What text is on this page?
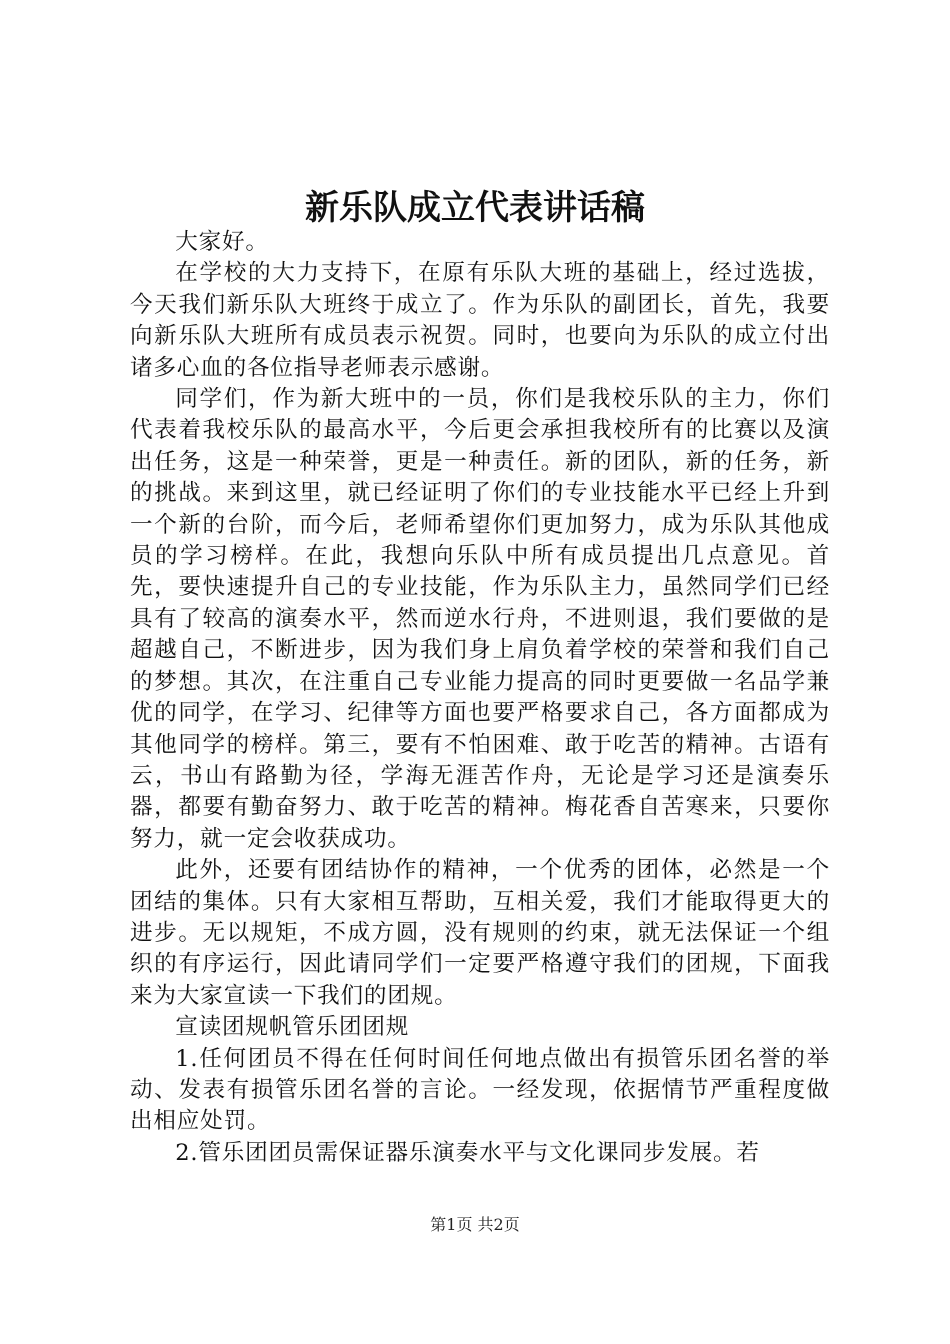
新乐队成立代表讲话稿

大家好。

在学校的大力支持下，在原有乐队大班的基础上，经过选拔，今天我们新乐队大班终于成立了。作为乐队的副团长，首先，我要向新乐队大班所有成员表示祝贺。同时，也要向为乐队的成立付出诸多心血的各位指导老师表示感谢。

同学们，作为新大班中的一员，你们是我校乐队的主力，你们代表着我校乐队的最高水平，今后更会承担我校所有的比赛以及演出任务，这是一种荣誉，更是一种责任。新的团队，新的任务，新的挑战。来到这里，就已经证明了你们的专业技能水平已经上升到一个新的台阶，而今后，老师希望你们更加努力，成为乐队其他成员的学习榜样。在此，我想向乐队中所有成员提出几点意见。首先，要快速提升自己的专业技能，作为乐队主力，虽然同学们已经具有了较高的演奏水平，然而逆水行舟，不进则退，我们要做的是超越自己，不断进步，因为我们身上肩负着学校的荣誉和我们自己的梦想。其次，在注重自己专业能力提高的同时更要做一名品学兼优的同学，在学习、纪律等方面也要严格要求自己，各方面都成为其他同学的榜样。第三，要有不怕困难、敢于吃苦的精神。古语有云，书山有路勤为径，学海无涯苦作舟，无论是学习还是演奏乐器，都要有勤奋努力、敢于吃苦的精神。梅花香自苦寒来，只要你努力，就一定会收获成功。

此外，还要有团结协作的精神，一个优秀的团体，必然是一个团结的集体。只有大家相互帮助，互相关爱，我们才能取得更大的进步。无以规矩，不成方圆，没有规则的约束，就无法保证一个组织的有序运行，因此请同学们一定要严格遵守我们的团规，下面我来为大家宣读一下我们的团规。

宣读团规帆管乐团团规

1.任何团员不得在任何时间任何地点做出有损管乐团名誉的举动、发表有损管乐团名誉的言论。一经发现，依据情节严重程度做出相应处罚。

2.管乐团团员需保证器乐演奏水平与文化课同步发展。若

第1页 共2页
